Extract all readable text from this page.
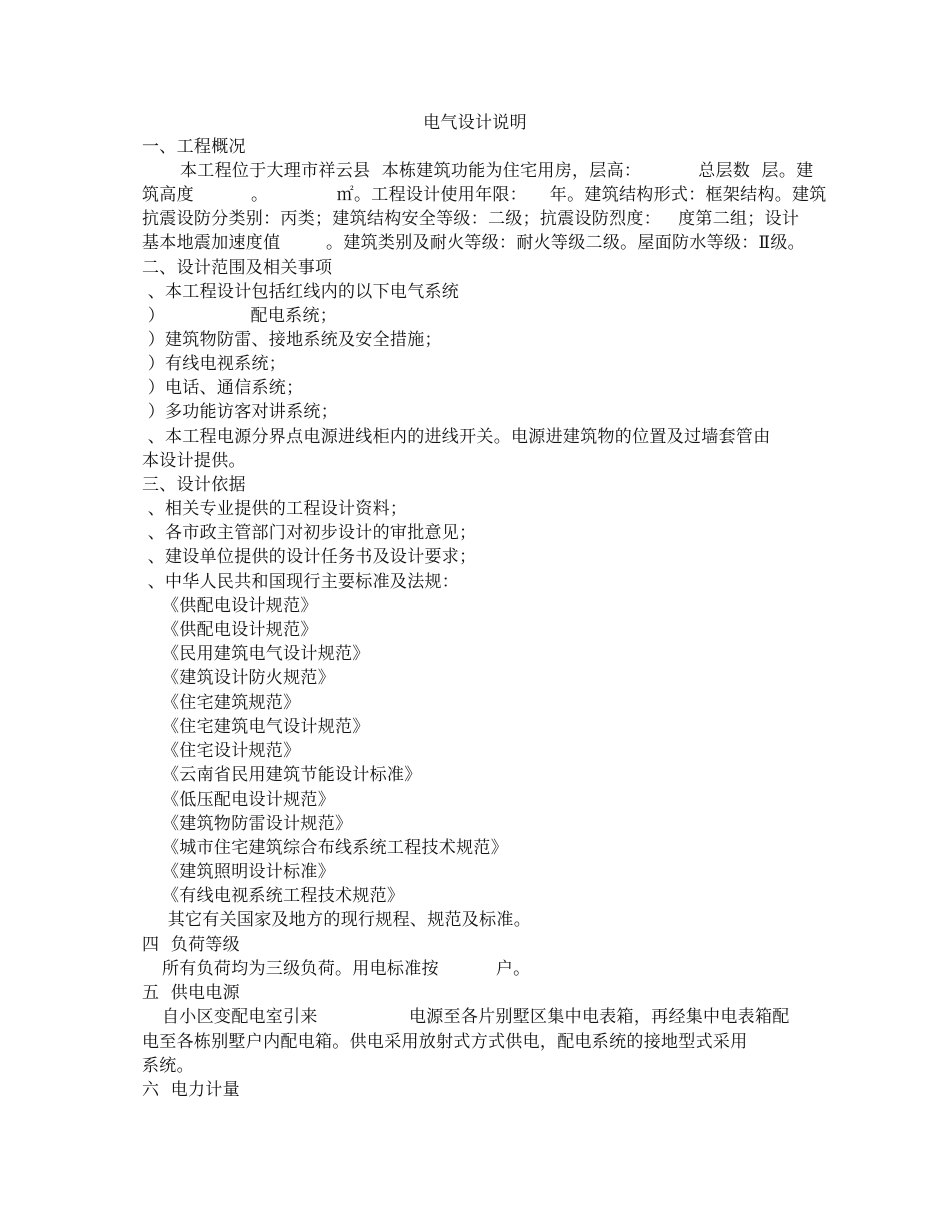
电气设计说明
一、工程概况
本工程位于大理市祥云县  本栋建筑功能为住宅用房，层高：          总层数  层。建
筑高度          。            ㎡。工程设计使用年限：    年。建筑结构形式：框架结构。建筑
抗震设防分类别：丙类；建筑结构安全等级：二级；抗震设防烈度：   度第二组；设计
基本地震加速度值        。建筑类别及耐火等级：耐火等级二级。屋面防水等级：Ⅱ级。
二、设计范围及相关事项
、本工程设计包括红线内的以下电气系统
）               配电系统；
）建筑物防雷、接地系统及安全措施；
）有线电视系统；
）电话、通信系统；
）多功能访客对讲系统；
、本工程电源分界点电源进线柜内的进线开关。电源进建筑物的位置及过墙套管由
本设计提供。
三、设计依据
、相关专业提供的工程设计资料；
、各市政主管部门对初步设计的审批意见；
、建设单位提供的设计任务书及设计要求；
、中华人民共和国现行主要标准及法规：
《供配电设计规范》
《供配电设计规范》
《民用建筑电气设计规范》
《建筑设计防火规范》
《住宅建筑规范》
《住宅建筑电气设计规范》
《住宅设计规范》
《云南省民用建筑节能设计标准》
《低压配电设计规范》
《建筑物防雷设计规范》
《城市住宅建筑综合布线系统工程技术规范》
《建筑照明设计标准》
《有线电视系统工程技术规范》
其它有关国家及地方的现行规程、规范及标准。
四  负荷等级
所有负荷均为三级负荷。用电标准按          户。
五  供电电源
自小区变配电室引来                电源至各片别墅区集中电表箱，再经集中电表箱配
电至各栋别墅户内配电箱。供电采用放射式方式供电，配电系统的接地型式采用
系统。
六  电力计量
